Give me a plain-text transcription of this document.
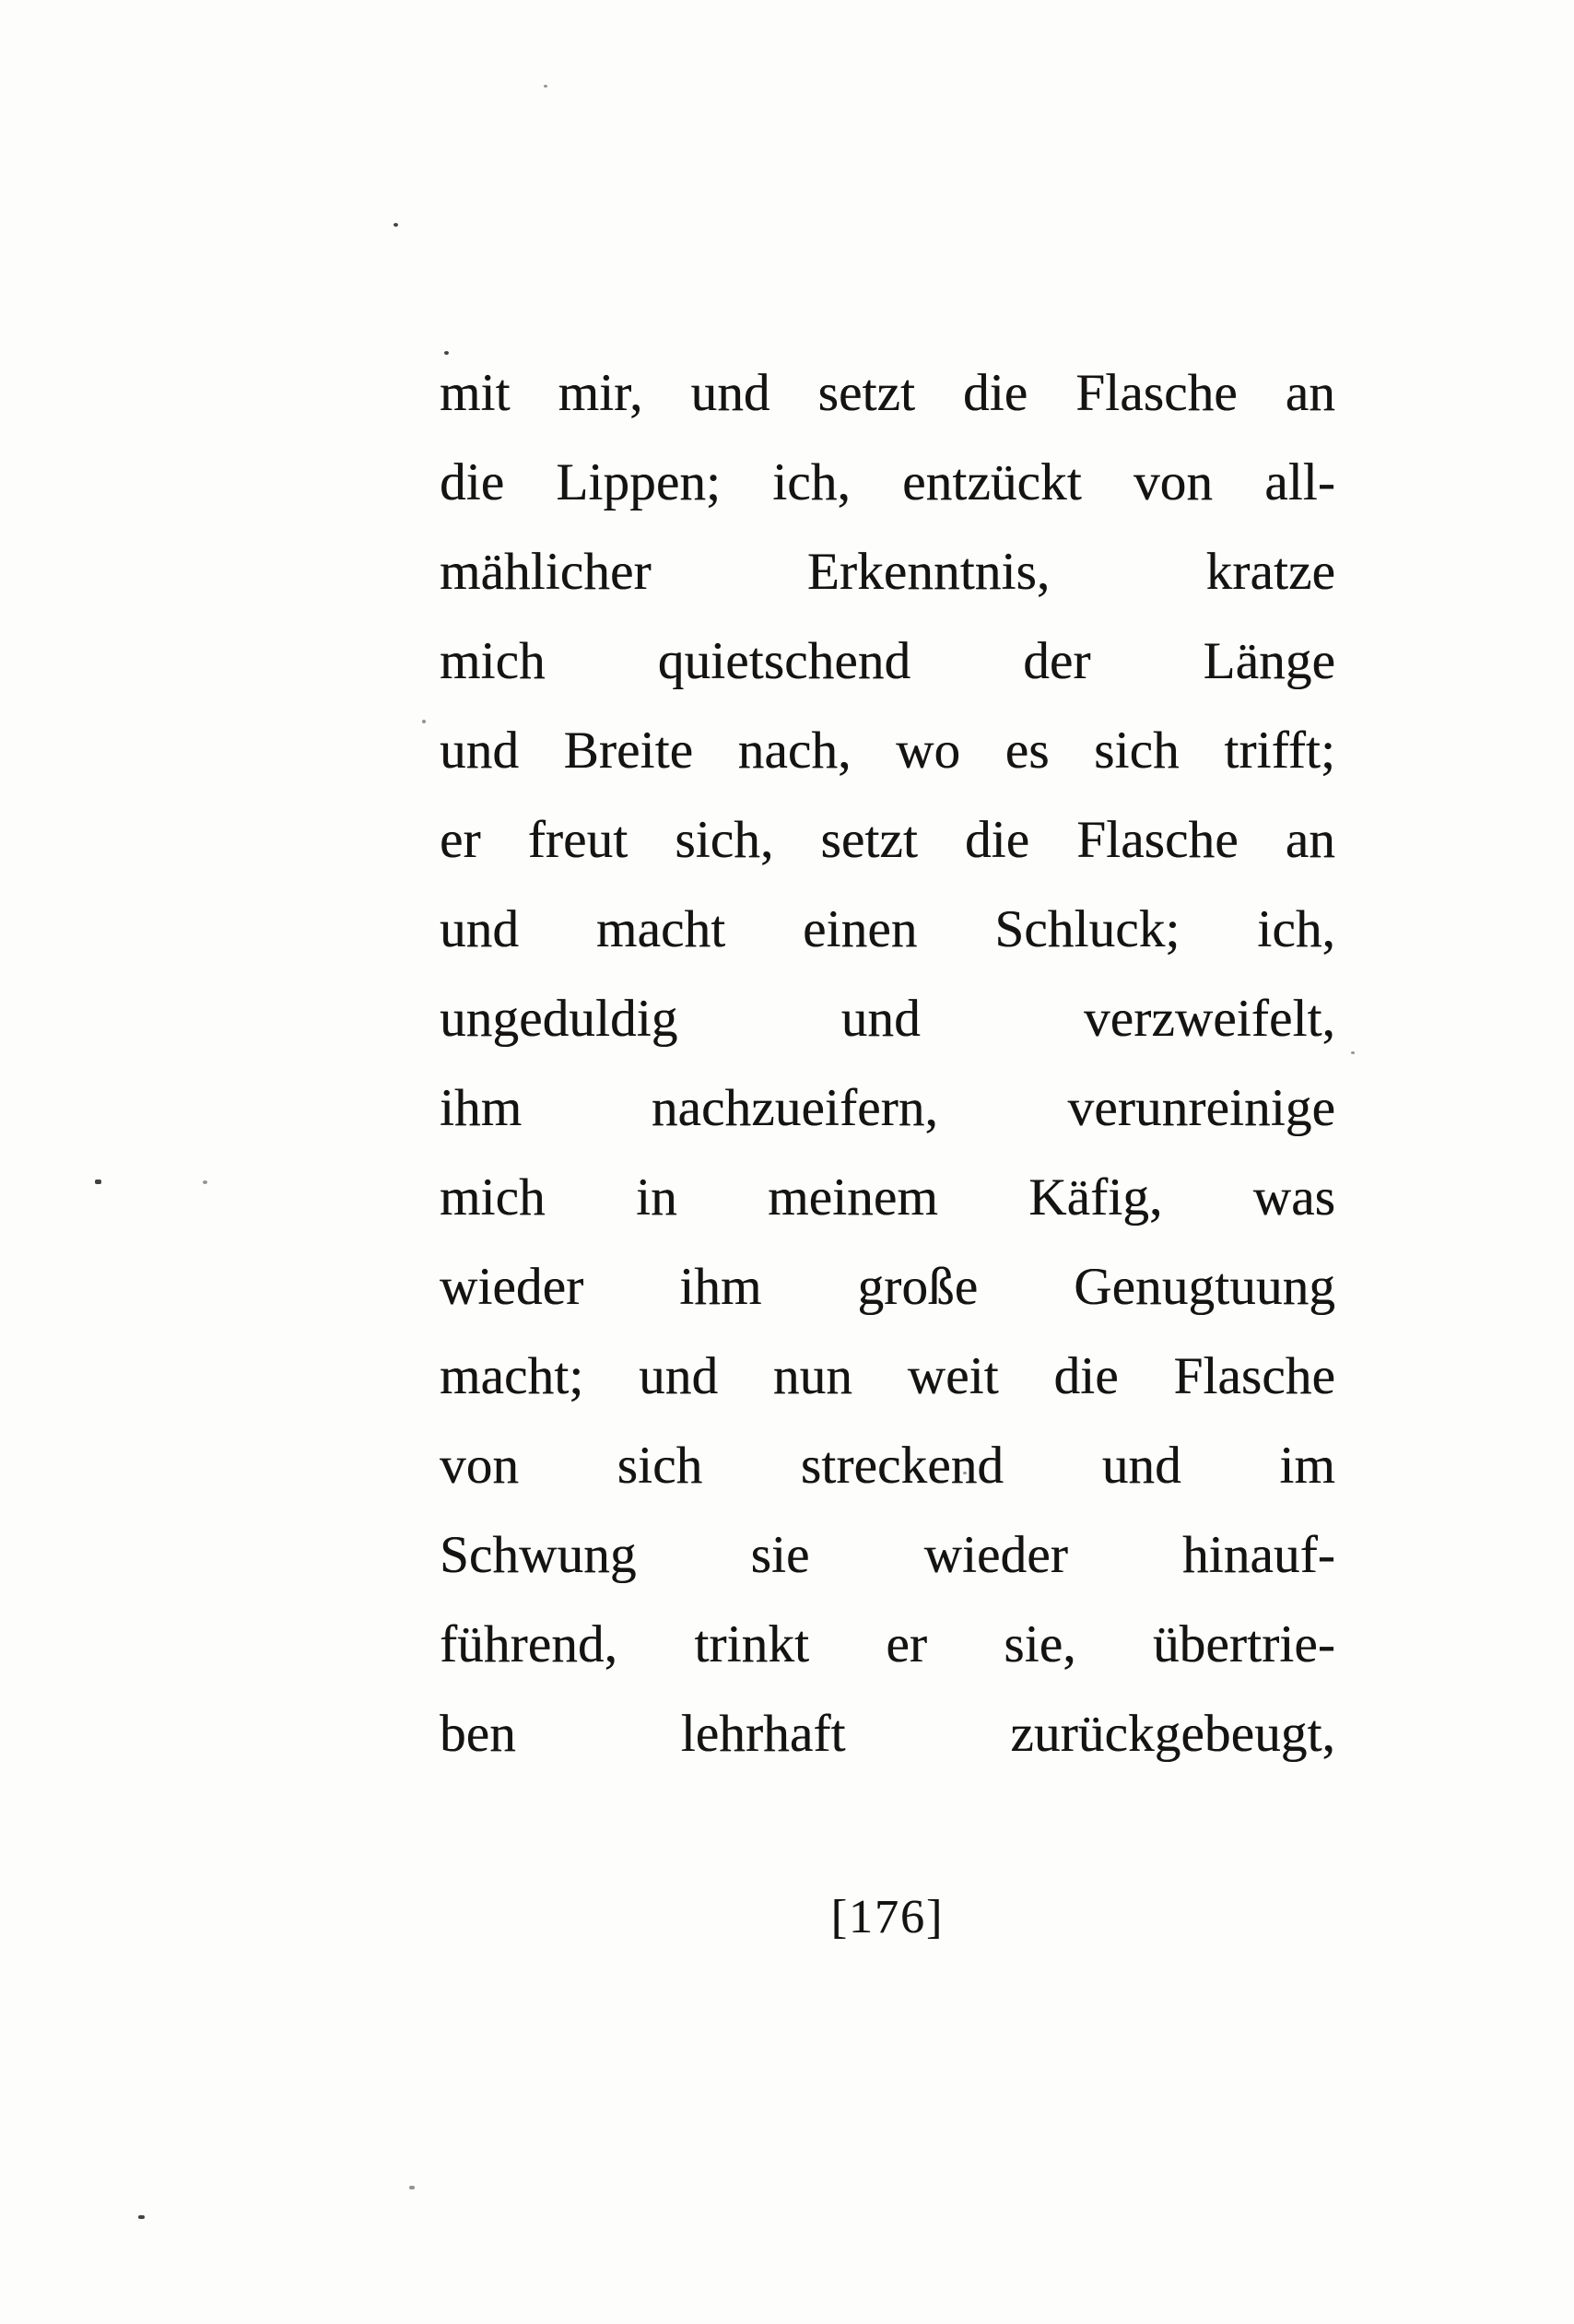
mit mir, und setzt die Flasche an
die Lippen; ich, entzückt von all-
mählicher Erkenntnis, kratze
mich quietschend der Länge
und Breite nach, wo es sich trifft;
er freut sich, setzt die Flasche an
und macht einen Schluck; ich,
ungeduldig und verzweifelt,
ihm nachzueifern, verunreinige
mich in meinem Käfig, was
wieder ihm große Genugtuung
macht; und nun weit die Flasche
von sich streckend und im
Schwung sie wieder hinauf-
führend, trinkt er sie, übertrie-
ben lehrhaft zurückgebeugt,
[176]
